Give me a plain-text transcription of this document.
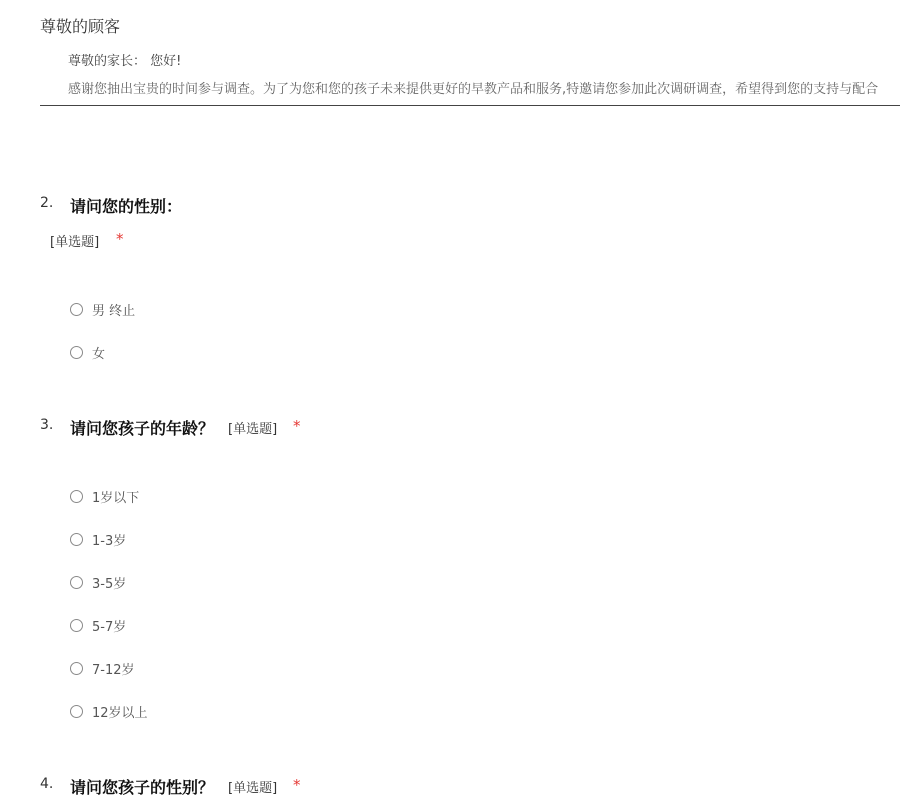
尊敬的顾客
尊敬的家长： 您好!
感谢您抽出宝贵的时间参与调查。为了为您和您的孩子未来提供更好的早教产品和服务,特邀请您参加此次调研调查，希望得到您的支持与配合
2. 请问您的性别：
[单选题] *
男 终止
女
3. 请问您孩子的年龄？ [单选题] *
1岁以下
1-3岁
3-5岁
5-7岁
7-12岁
12岁以上
4. 请问您孩子的性别？ [单选题] *
